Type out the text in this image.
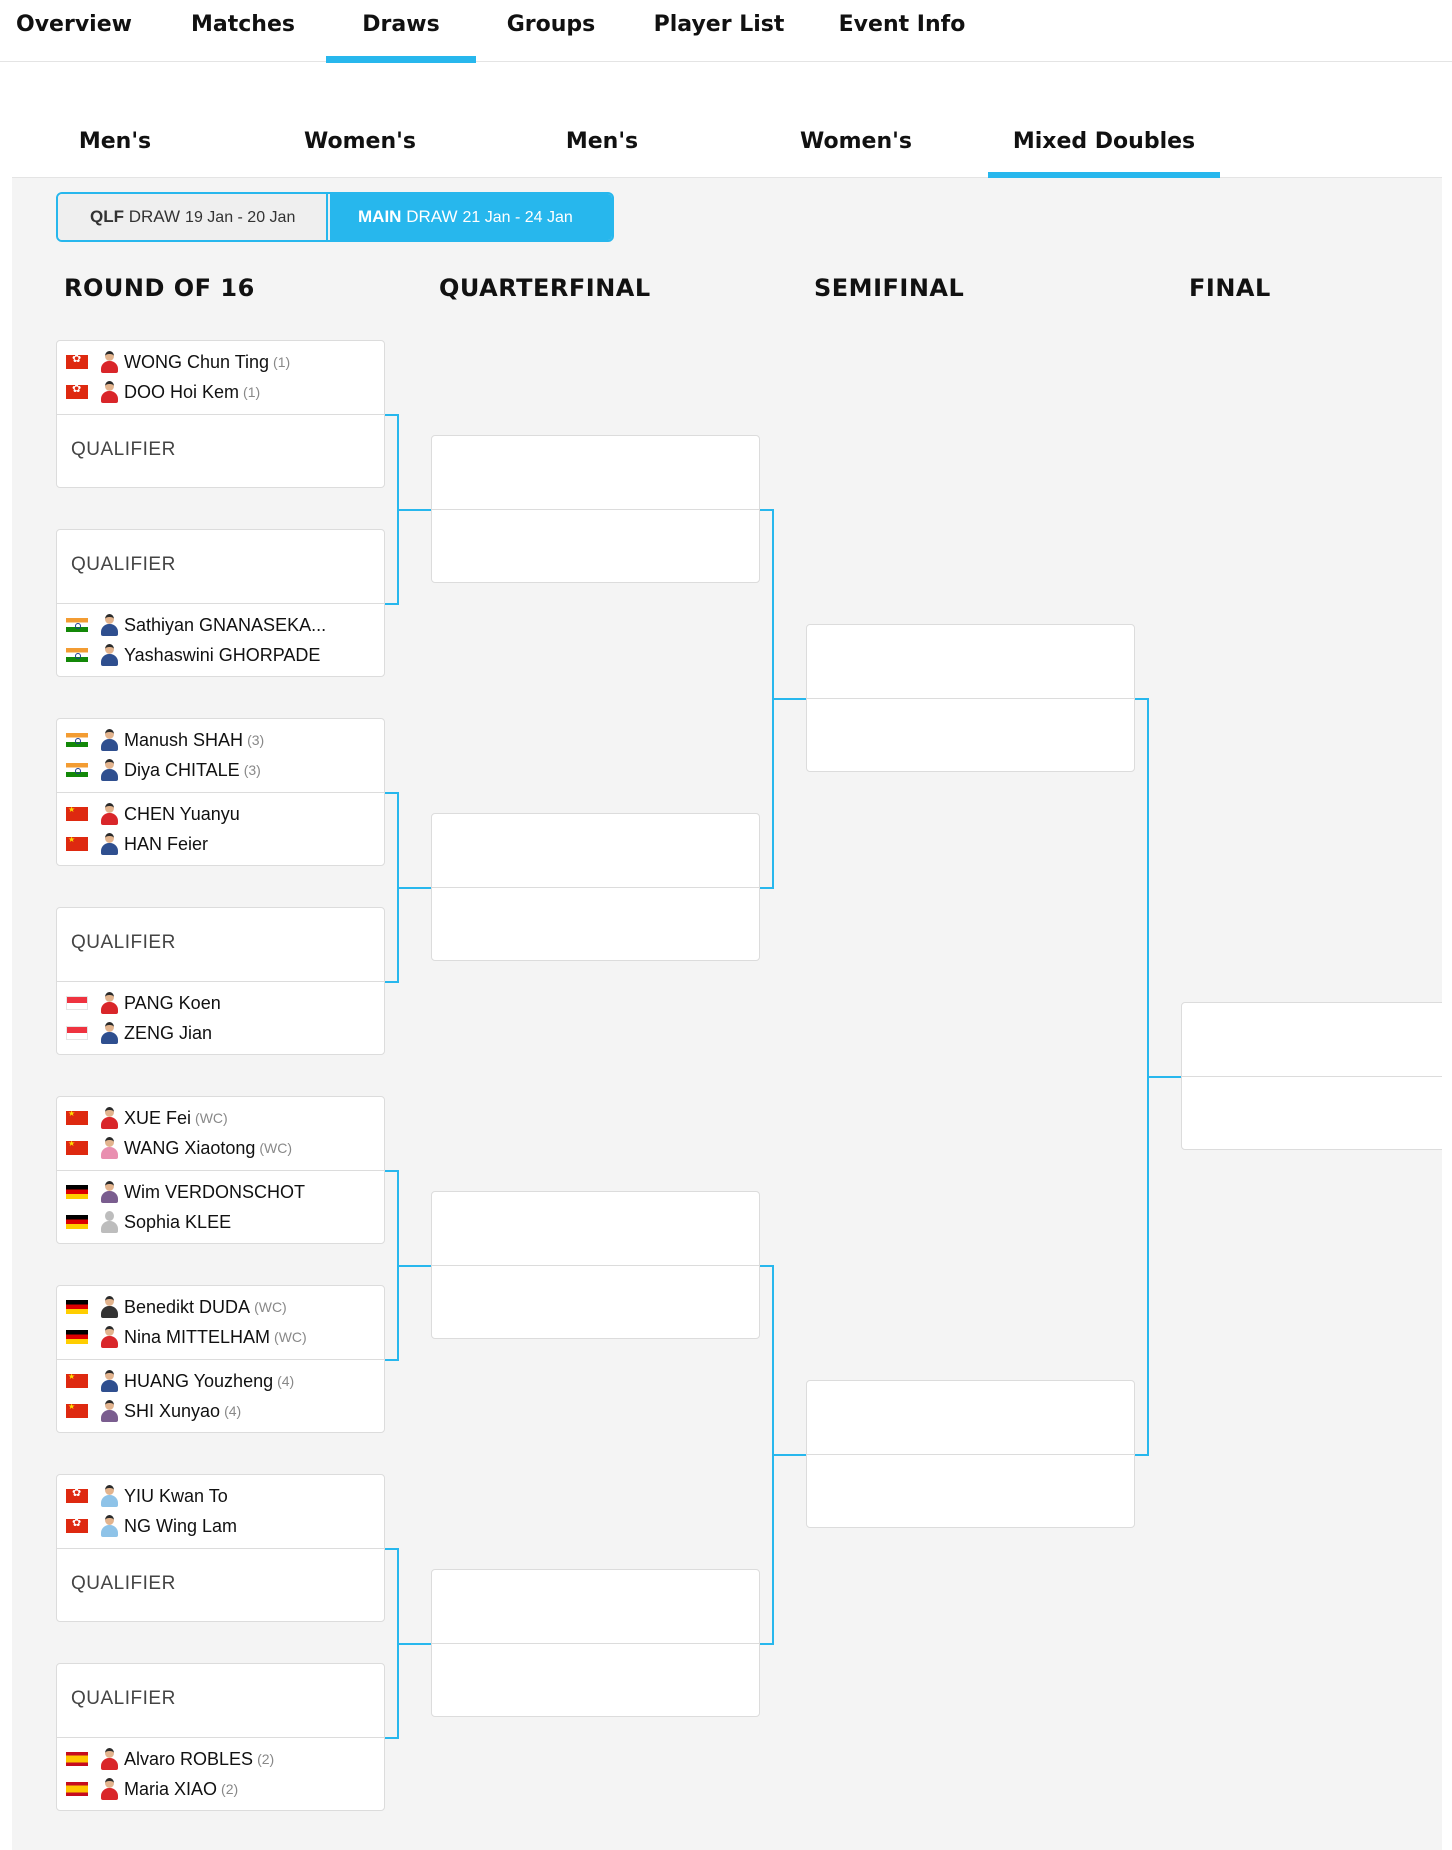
Overview	Matches	Draws	Groups	Player List	Event Info
Men's	Women's	Men's	Women's	Mixed Doubles
QLF DRAW 19 Jan - 20 Jan	MAIN DRAW 21 Jan - 24 Jan
ROUND OF 16	QUARTERFINAL	SEMIFINAL	FINAL
✿
WONG Chun Ting (1)
✿
DOO Hoi Kem (1)
QUALIFIER
QUALIFIER
Sathiyan GNANASEKA...
Yashaswini GHORPADE
Manush SHAH (3)
Diya CHITALE (3)
★
CHEN Yuanyu
★
HAN Feier
QUALIFIER
PANG Koen
ZENG Jian
★
XUE Fei (WC)
★
WANG Xiaotong (WC)
Wim VERDONSCHOT
Sophia KLEE
Benedikt DUDA (WC)
Nina MITTELHAM (WC)
★
HUANG Youzheng (4)
★
SHI Xunyao (4)
✿
YIU Kwan To
✿
NG Wing Lam
QUALIFIER
QUALIFIER
Alvaro ROBLES (2)
Maria XIAO (2)
